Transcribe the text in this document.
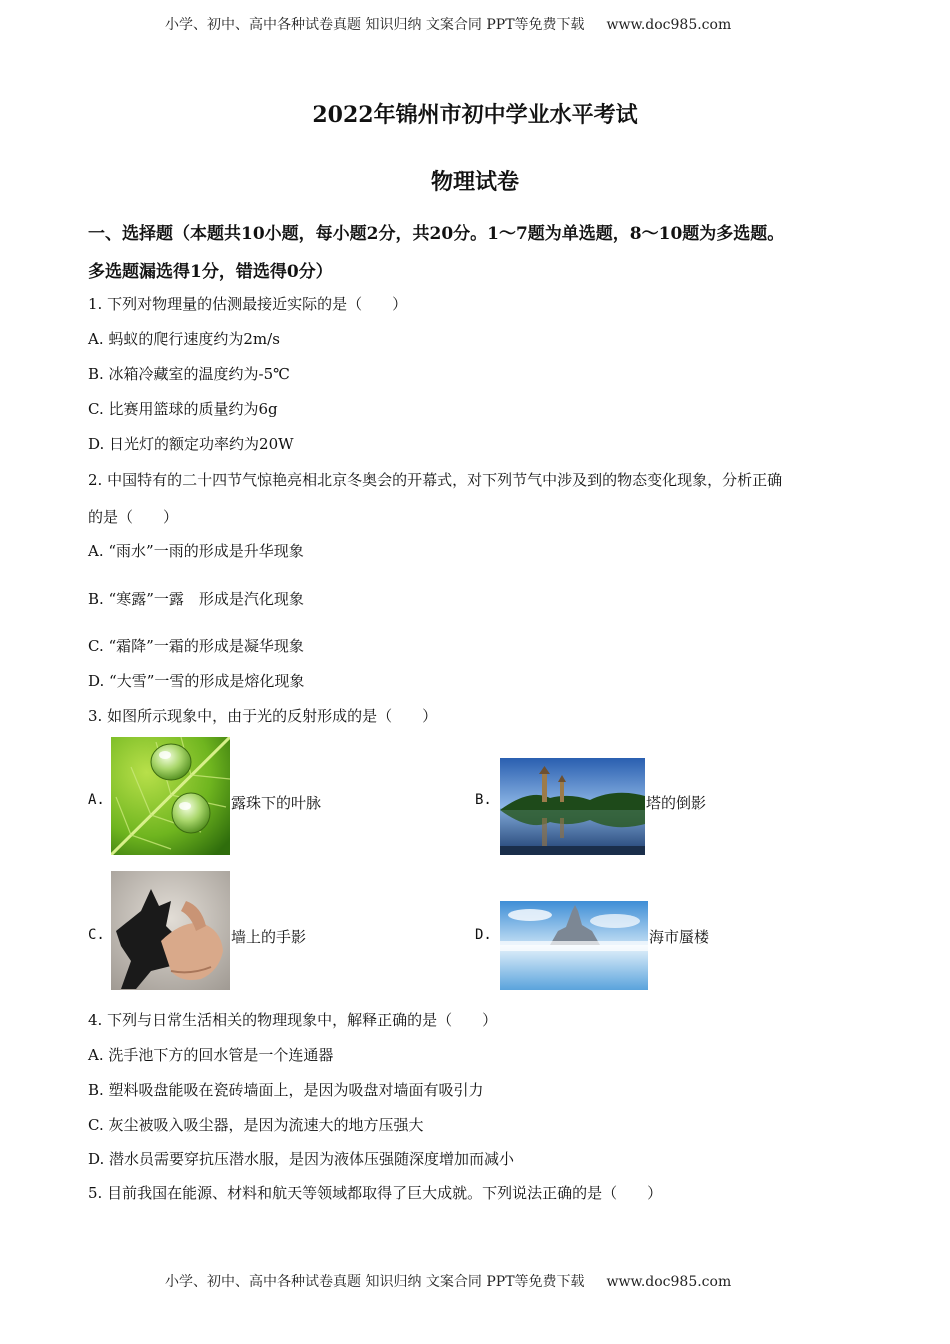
小学、初中、高中各种试卷真题 知识归纳 文案合同 PPT等免费下载 www.doc985.com
2022年锦州市初中学业水平考试
物理试卷
一、选择题（本题共10小题，每小题2分，共20分。1～7题为单选题，8～10题为多选题。
多选题漏选得1分，错选得0分）
1. 下列对物理量的估测最接近实际的是（　　）
A. 蚂蚁的爬行速度约为2m/s
B. 冰箱冷藏室的温度约为-5℃
C. 比赛用篮球的质量约为6g
D. 日光灯的额定功率约为20W
2. 中国特有的二十四节气惊艳亮相北京冬奥会的开幕式，对下列节气中涉及到的物态变化现象，分析正确
的是（　　）
A. “雨水”一雨的形成是升华现象
B. “寒露”一露　形成是汽化现象
C. “霜降”一霜的形成是凝华现象
D. “大雪”一雪的形成是熔化现象
3. 如图所示现象中，由于光的反射形成的是（　　）
A.	露珠下的叶脉	B.	塔的倒影
C.	墙上的手影	D.	海市蜃楼
4. 下列与日常生活相关的物理现象中，解释正确的是（　　）
A. 洗手池下方的回水管是一个连通器
B. 塑料吸盘能吸在瓷砖墙面上，是因为吸盘对墙面有吸引力
C. 灰尘被吸入吸尘器，是因为流速大的地方压强大
D. 潜水员需要穿抗压潜水服，是因为液体压强随深度增加而减小
5. 目前我国在能源、材料和航天等领域都取得了巨大成就。下列说法正确的是（　　）
小学、初中、高中各种试卷真题 知识归纳 文案合同 PPT等免费下载 www.doc985.com
